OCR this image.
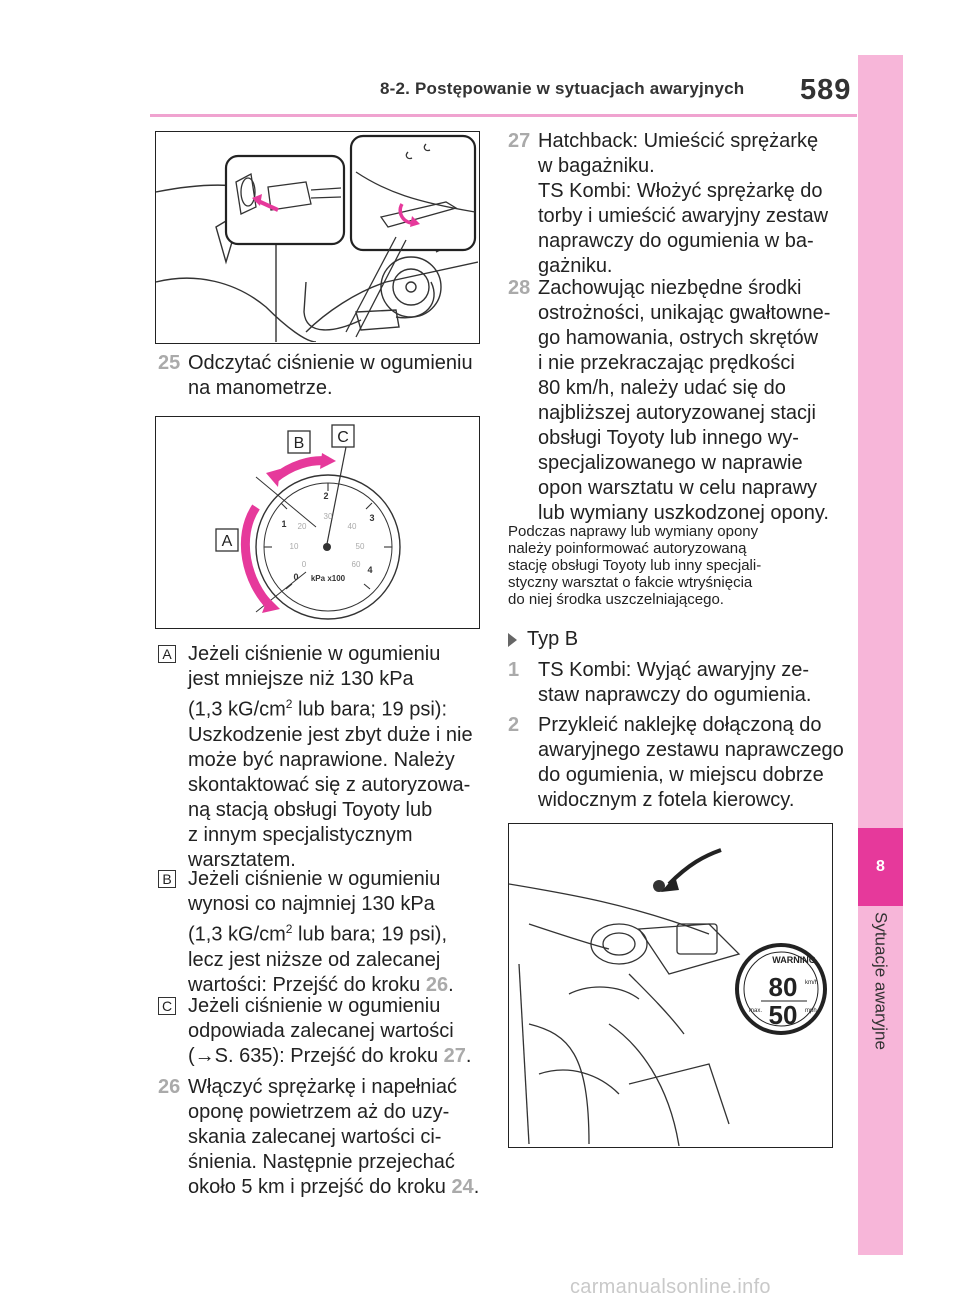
8-2. Postępowanie w sytuacjach awaryjnych 589
8
Sytuacje awaryjne
25 Odczytać ciśnienie w ogumieniu na manometrze.
2
1
3
0
4
30
20	40
10	50
0	60
kPa x100
B C
A
A Jeżeli ciśnienie w ogumieniu
jest mniejsze niż 130 kPa
(1,3 $kG/cm^2$ lub bara; 19 psi):
Uszkodzenie jest zbyt duże i nie
może być naprawione. Należy
skontaktować się z autoryzowa-
ną stacją obsługi Toyoty lub
z innym specjalistycznym
warsztatem.
B Jeżeli ciśnienie w ogumieniu
wynosi co najmniej 130 kPa
(1,3 $kG/cm^2$ lub bara; 19 psi),
lecz jest niższe od zalecanej
wartości: Przejść do kroku 26.
C Jeżeli ciśnienie w ogumieniu
odpowiada zalecanej wartości
(→S. 635): Przejść do kroku 27.
26 Włączyć sprężarkę i napełniać
oponę powietrzem aż do uzy-
skania zalecanej wartości ci-
śnienia. Następnie przejechać
około 5 km i przejść do kroku 24.
27 Hatchback: Umieścić sprężarkę
w bagażniku.
TS Kombi: Włożyć sprężarkę do
torby i umieścić awaryjny zestaw
naprawczy do ogumienia w ba-
gażniku.
28 Zachowując niezbędne środki
ostrożności, unikając gwałtowne-
go hamowania, ostrych skrętów
i nie przekraczając prędkości
80 km/h, należy udać się do
najbliższej autoryzowanej stacji
obsługi Toyoty lub innego wy-
specjalizowanego w naprawie
opon warsztatu w celu naprawy
lub wymiany uszkodzonej opony.
Podczas naprawy lub wymiany opony
należy poinformować autoryzowaną
stację obsługi Toyoty lub inny specjali-
styczny warsztat o fakcie wtryśnięcia
do niej środka uszczelniającego.
Typ B
1 TS Kombi: Wyjąć awaryjny ze-
staw naprawczy do ogumienia.
2 Przykleić naklejkę dołączoną do
awaryjnego zestawu naprawczego
do ogumienia, w miejscu dobrze
widocznym z fotela kierowcy.
WARNING
80
50
km/h
mph
max.
carmanualsonline.info
